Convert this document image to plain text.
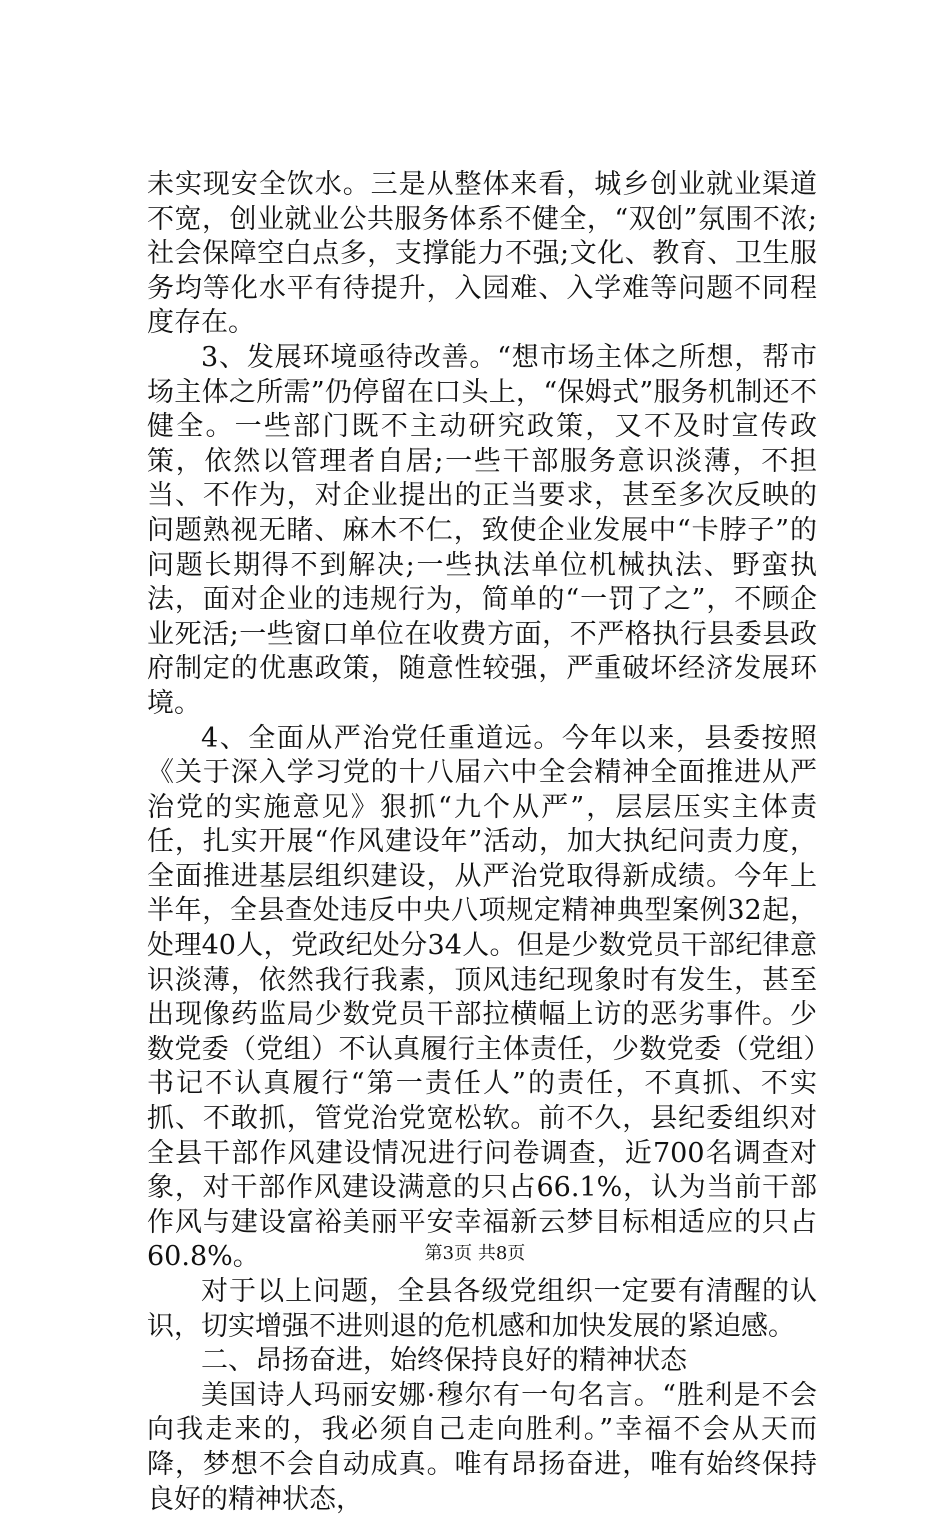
未实现安全饮水。三是从整体来看，城乡创业就业渠道不宽，创业就业公共服务体系不健全，“双创”氛围不浓;社会保障空白点多，支撑能力不强;文化、教育、卫生服务均等化水平有待提升，入园难、入学难等问题不同程度存在。

3、发展环境亟待改善。“想市场主体之所想，帮市场主体之所需”仍停留在口头上，“保姆式”服务机制还不健全。一些部门既不主动研究政策，又不及时宣传政策，依然以管理者自居;一些干部服务意识淡薄，不担当、不作为，对企业提出的正当要求，甚至多次反映的问题熟视无睹、麻木不仁，致使企业发展中“卡脖子”的问题长期得不到解决;一些执法单位机械执法、野蛮执法，面对企业的违规行为，简单的“一罚了之”，不顾企业死活;一些窗口单位在收费方面，不严格执行县委县政府制定的优惠政策，随意性较强，严重破坏经济发展环境。

4、全面从严治党任重道远。今年以来，县委按照《关于深入学习党的十八届六中全会精神全面推进从严治党的实施意见》狠抓“九个从严”，层层压实主体责任，扎实开展“作风建设年”活动，加大执纪问责力度，全面推进基层组织建设，从严治党取得新成绩。今年上半年，全县查处违反中央八项规定精神典型案例32起，处理40人，党政纪处分34人。但是少数党员干部纪律意识淡薄，依然我行我素，顶风违纪现象时有发生，甚至出现像药监局少数党员干部拉横幅上访的恶劣事件。少数党委（党组）不认真履行主体责任，少数党委（党组）书记不认真履行“第一责任人”的责任，不真抓、不实抓、不敢抓，管党治党宽松软。前不久，县纪委组织对全县干部作风建设情况进行问卷调查，近700名调查对象，对干部作风建设满意的只占66.1%，认为当前干部作风与建设富裕美丽平安幸福新云梦目标相适应的只占60.8%。

对于以上问题，全县各级党组织一定要有清醒的认识，切实增强不进则退的危机感和加快发展的紧迫感。

二、昂扬奋进，始终保持良好的精神状态

美国诗人玛丽安娜·穆尔有一句名言。“胜利是不会向我走来的，我必须自己走向胜利。”幸福不会从天而降，梦想不会自动成真。唯有昂扬奋进，唯有始终保持良好的精神状态，

第3页 共8页
